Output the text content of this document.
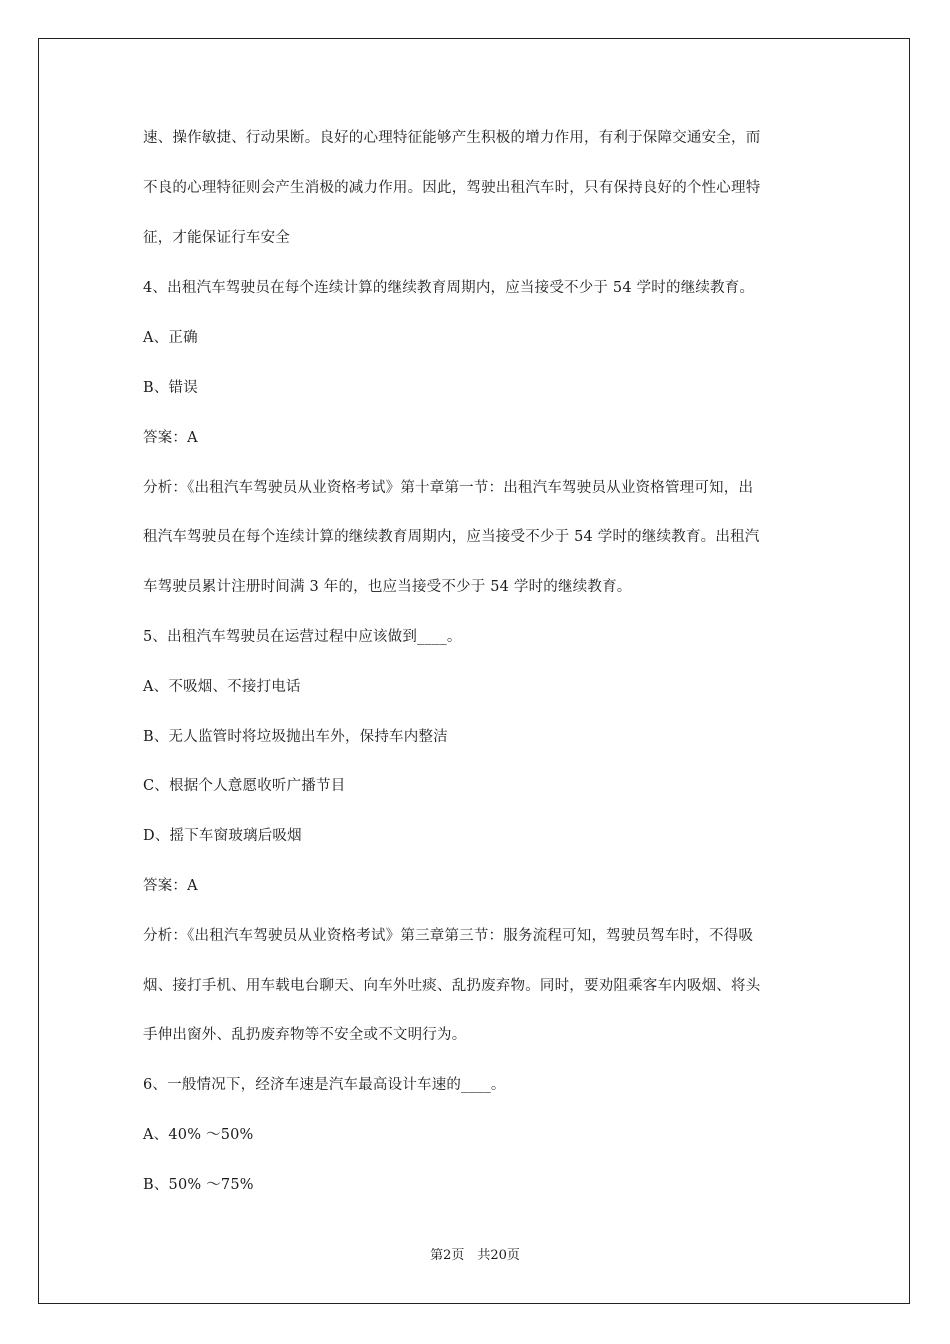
速、操作敏捷、行动果断。良好的心理特征能够产生积极的增力作用，有利于保障交通安全，而
不良的心理特征则会产生消极的减力作用。因此，驾驶出租汽车时，只有保持良好的个性心理特
征，才能保证行车安全
4、出租汽车驾驶员在每个连续计算的继续教育周期内，应当接受不少于 54 学时的继续教育。
A、正确
B、错误
答案：A
分析：《出租汽车驾驶员从业资格考试》第十章第一节：出租汽车驾驶员从业资格管理可知，出
租汽车驾驶员在每个连续计算的继续教育周期内，应当接受不少于 54 学时的继续教育。出租汽
车驾驶员累计注册时间满 3 年的，也应当接受不少于 54 学时的继续教育。
5、出租汽车驾驶员在运营过程中应该做到____。
A、不吸烟、不接打电话
B、无人监管时将垃圾抛出车外，保持车内整洁
C、根据个人意愿收听广播节目
D、摇下车窗玻璃后吸烟
答案：A
分析：《出租汽车驾驶员从业资格考试》第三章第三节：服务流程可知，驾驶员驾车时，不得吸
烟、接打手机、用车载电台聊天、向车外吐痰、乱扔废弃物。同时，要劝阻乘客车内吸烟、将头
手伸出窗外、乱扔废弃物等不安全或不文明行为。
6、一般情况下，经济车速是汽车最高设计车速的____。
A、40% ～50%
B、50% ～75%
第2页　共20页
